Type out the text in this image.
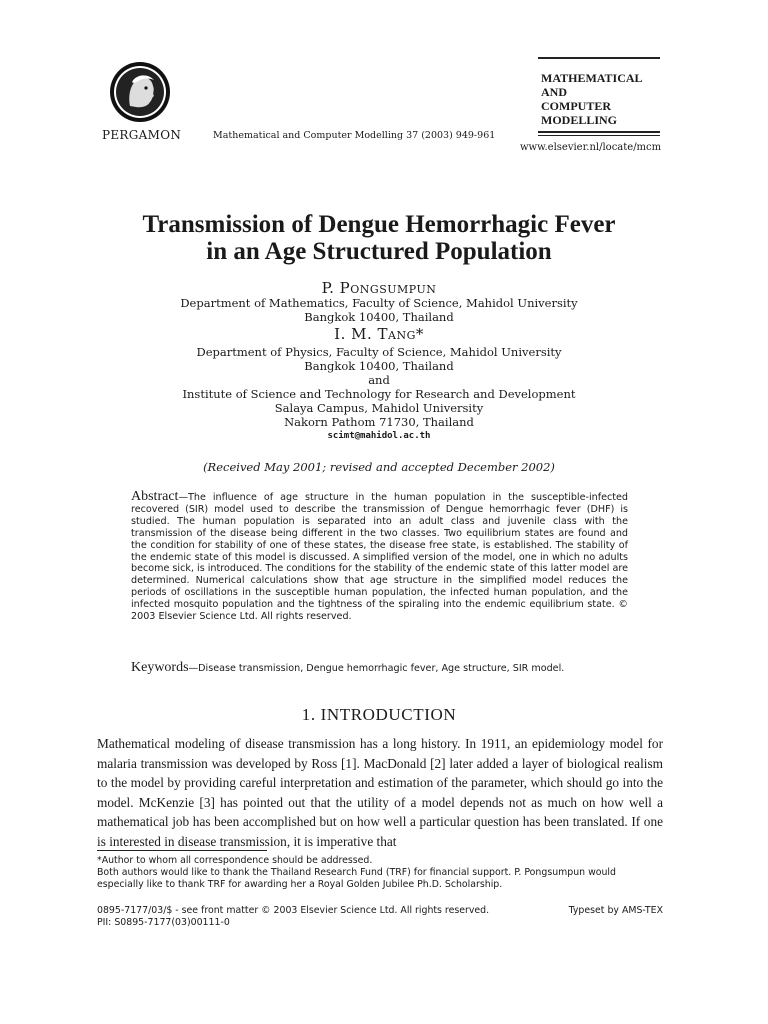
PERGAMON	Mathematical and Computer Modelling 37 (2003) 949-961
MATHEMATICAL
AND
COMPUTER
MODELLING
www.elsevier.nl/locate/mcm
Transmission of Dengue Hemorrhagic Fever
in an Age Structured Population
P. Pongsumpun
Department of Mathematics, Faculty of Science, Mahidol University
Bangkok 10400, Thailand
I. M. Tang*
Department of Physics, Faculty of Science, Mahidol University
Bangkok 10400, Thailand
and
Institute of Science and Technology for Research and Development
Salaya Campus, Mahidol University
Nakorn Pathom 71730, Thailand
scimt@mahidol.ac.th
(Received May 2001; revised and accepted December 2002)
Abstract—The influence of age structure in the human population in the susceptible-infected recovered (SIR) model used to describe the transmission of Dengue hemorrhagic fever (DHF) is studied. The human population is separated into an adult class and juvenile class with the transmission of the disease being different in the two classes. Two equilibrium states are found and the condition for stability of one of these states, the disease free state, is established. The stability of the endemic state of this model is discussed. A simplified version of the model, one in which no adults become sick, is introduced. The conditions for the stability of the endemic state of this latter model are determined. Numerical calculations show that age structure in the simplified model reduces the periods of oscillations in the susceptible human population, the infected human population, and the infected mosquito population and the tightness of the spiraling into the endemic equilibrium state. © 2003 Elsevier Science Ltd. All rights reserved.
Keywords—Disease transmission, Dengue hemorrhagic fever, Age structure, SIR model.
1. INTRODUCTION
Mathematical modeling of disease transmission has a long history. In 1911, an epidemiology model for malaria transmission was developed by Ross [1]. MacDonald [2] later added a layer of biological realism to the model by providing careful interpretation and estimation of the parameter, which should go into the model. McKenzie [3] has pointed out that the utility of a model depends not as much on how well a mathematical job has been accomplished but on how well a particular question has been translated. If one is interested in disease transmission, it is imperative that
*Author to whom all correspondence should be addressed.
Both authors would like to thank the Thailand Research Fund (TRF) for financial support. P. Pongsumpun would especially like to thank TRF for awarding her a Royal Golden Jubilee Ph.D. Scholarship.
0895-7177/03/$ - see front matter © 2003 Elsevier Science Ltd. All rights reserved.	Typeset by AMS-TEX
PII: S0895-7177(03)00111-0
